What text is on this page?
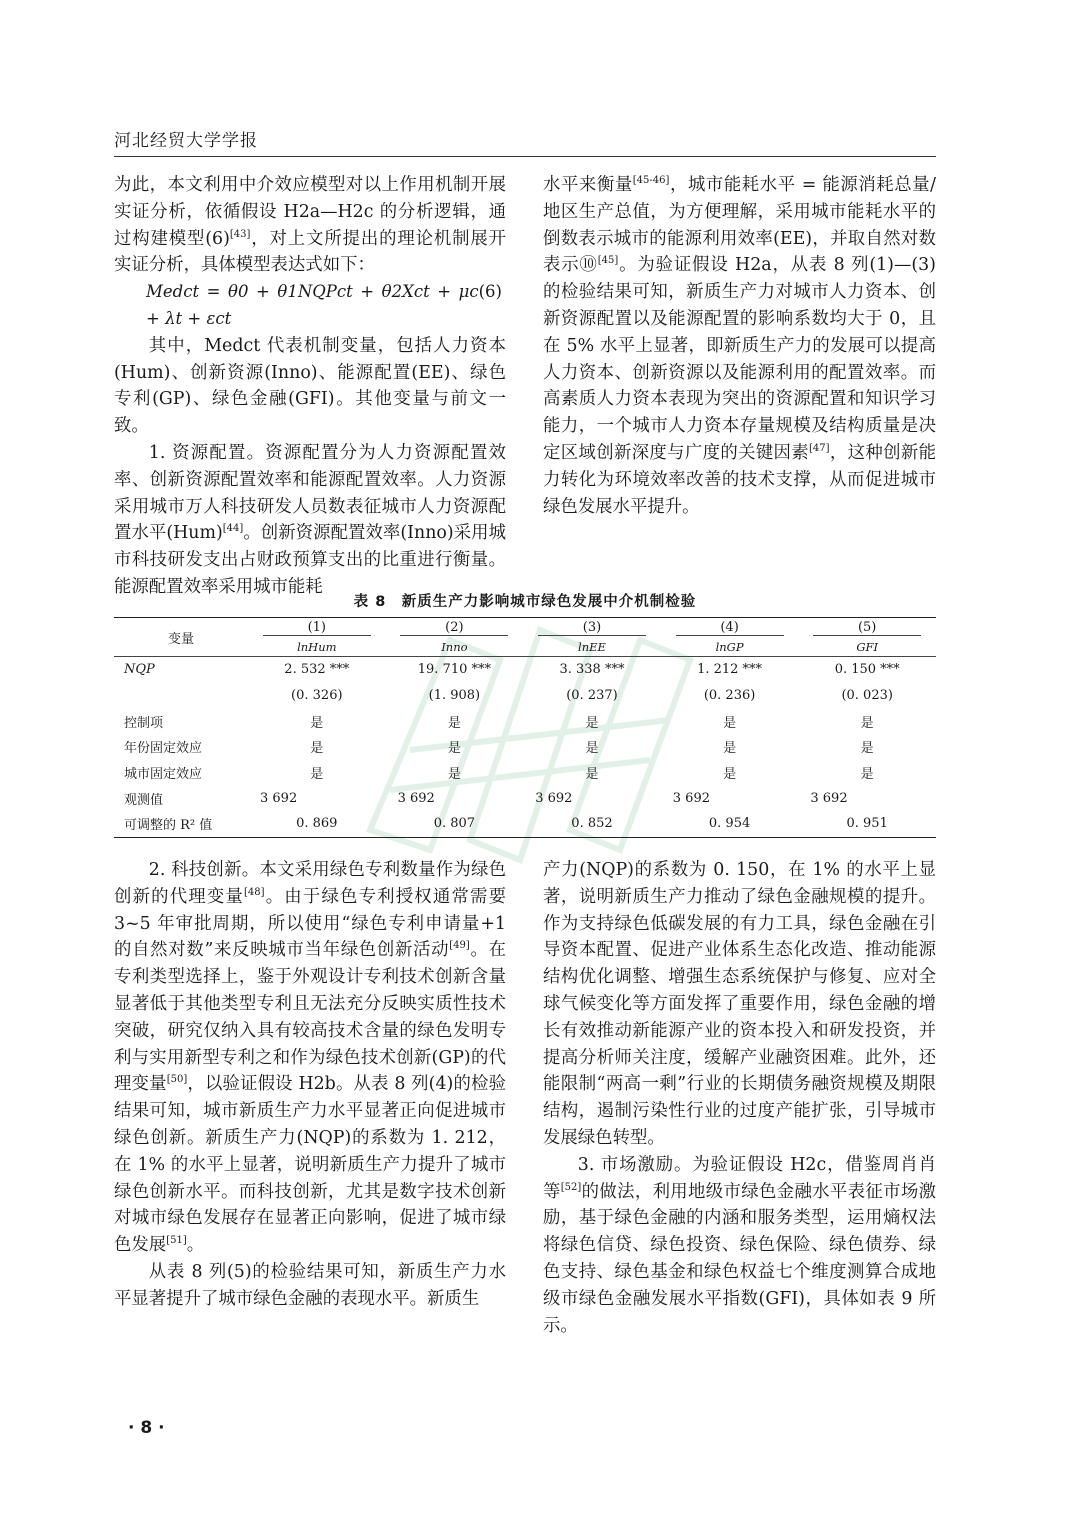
河北经贸大学学报

为此，本文利用中介效应模型对以上作用机制开展实证分析，依循假设 H2a—H2c 的分析逻辑，通过构建模型(6)[43]，对上文所提出的理论机制展开实证分析，具体模型表达式如下：

Medct = θ0 + θ1NQPct + θ2Xct + μc + λt + εct
(6)

其中，Medct 代表机制变量，包括人力资本(Hum)、创新资源(Inno)、能源配置(EE)、绿色专利(GP)、绿色金融(GFI)。其他变量与前文一致。

1. 资源配置。资源配置分为人力资源配置效率、创新资源配置效率和能源配置效率。人力资源采用城市万人科技研发人员数表征城市人力资源配置水平(Hum)[44]。创新资源配置效率(Inno)采用城市科技研发支出占财政预算支出的比重进行衡量。能源配置效率采用城市能耗

水平来衡量[45-46]，城市能耗水平 = 能源消耗总量/地区生产总值，为方便理解，采用城市能耗水平的倒数表示城市的能源利用效率(EE)，并取自然对数表示⑩[45]。为验证假设 H2a，从表 8 列(1)—(3)的检验结果可知，新质生产力对城市人力资本、创新资源配置以及能源配置的影响系数均大于 0，且在 5% 水平上显著，即新质生产力的发展可以提高人力资本、创新资源以及能源利用的配置效率。而高素质人力资本表现为突出的资源配置和知识学习能力，一个城市人力资本存量规模及结构质量是决定区域创新深度与广度的关键因素[47]，这种创新能力转化为环境效率改善的技术支撑，从而促进城市绿色发展水平提升。

表 8　新质生产力影响城市绿色发展中介机制检验
变量	(1)	(2)	(3)	(4)	(5)
	lnHum	Inno	lnEE	lnGP	GFI
NQP	2. 532 ***	19. 710 ***	3. 338 ***	1. 212 ***	0. 150 ***
	(0. 326)	(1. 908)	(0. 237)	(0. 236)	(0. 023)
控制项	是	是	是	是	是
年份固定效应	是	是	是	是	是
城市固定效应	是	是	是	是	是
观测值	3 692	3 692	3 692	3 692	3 692
可调整的 R² 值	0. 869	0. 807	0. 852	0. 954	0. 951

2. 科技创新。本文采用绿色专利数量作为绿色创新的代理变量[48]。由于绿色专利授权通常需要 3~5 年审批周期，所以使用“绿色专利申请量+1 的自然对数”来反映城市当年绿色创新活动[49]。在专利类型选择上，鉴于外观设计专利技术创新含量显著低于其他类型专利且无法充分反映实质性技术突破，研究仅纳入具有较高技术含量的绿色发明专利与实用新型专利之和作为绿色技术创新(GP)的代理变量[50]，以验证假设 H2b。从表 8 列(4)的检验结果可知，城市新质生产力水平显著正向促进城市绿色创新。新质生产力(NQP)的系数为 1. 212，在 1% 的水平上显著，说明新质生产力提升了城市绿色创新水平。而科技创新，尤其是数字技术创新对城市绿色发展存在显著正向影响，促进了城市绿色发展[51]。

从表 8 列(5)的检验结果可知，新质生产力水平显著提升了城市绿色金融的表现水平。新质生

产力(NQP)的系数为 0. 150，在 1% 的水平上显著，说明新质生产力推动了绿色金融规模的提升。作为支持绿色低碳发展的有力工具，绿色金融在引导资本配置、促进产业体系生态化改造、推动能源结构优化调整、增强生态系统保护与修复、应对全球气候变化等方面发挥了重要作用，绿色金融的增长有效推动新能源产业的资本投入和研发投资，并提高分析师关注度，缓解产业融资困难。此外，还能限制“两高一剩”行业的长期债务融资规模及期限结构，遏制污染性行业的过度产能扩张，引导城市发展绿色转型。

3. 市场激励。为验证假设 H2c，借鉴周肖肖等[52]的做法，利用地级市绿色金融水平表征市场激励，基于绿色金融的内涵和服务类型，运用熵权法将绿色信贷、绿色投资、绿色保险、绿色债券、绿色支持、绿色基金和绿色权益七个维度测算合成地级市绿色金融发展水平指数(GFI)，具体如表 9 所示。

· 8 ·
